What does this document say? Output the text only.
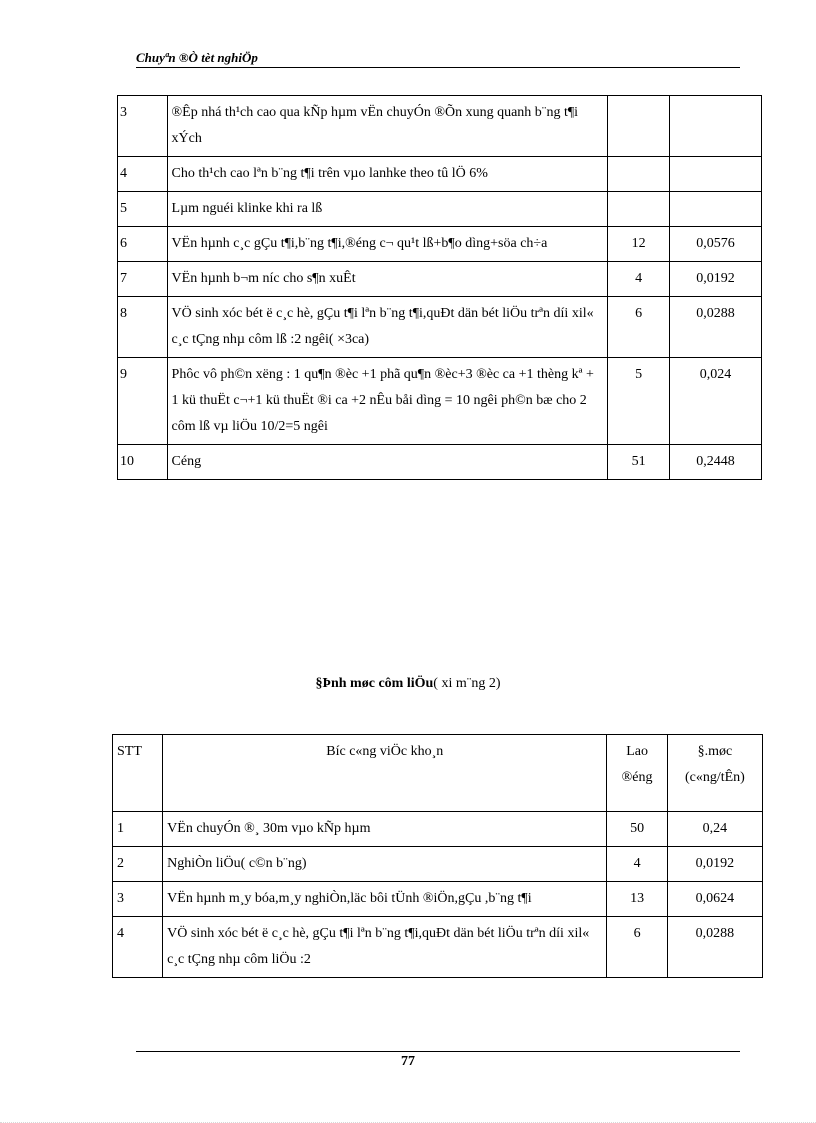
Chuyªn ®Ò tèt nghiÖp
3	®Êp nhá th¹ch cao qua kÑp hµm vËn chuyÓn ®Õn xung quanh b¨ng t¶i xÝch		
4	Cho th¹ch cao lªn b¨ng t¶i trên vµo lanhke theo tû lÖ 6%		
5	Lµm nguéi klinke khi ra lß		
6	VËn hµnh c¸c gÇu t¶i,b¨ng t¶i,®éng c¬ qu¹t lß+b¶o dìng+söa ch÷a	12	0,0576
7	VËn hµnh b¬m níc cho s¶n xuÊt	4	0,0192
8	VÖ sinh xóc bét ë c¸c hè, gÇu t¶i lªn b¨ng t¶i,quÐt dän bét liÖu trªn díi xil« c¸c tÇng nhµ côm lß :2 ngêi( ×3ca)	6	0,0288
9	Phôc vô ph©n xëng : 1 qu¶n ®èc +1 phã qu¶n ®èc+3 ®èc ca +1 thèng kª + 1 kü thuËt c¬+1 kü thuËt ®i ca +2 nÊu båi dìng = 10 ngêi ph©n bæ cho 2 côm lß vµ liÖu 10/2=5 ngêi	5	0,024
10	Céng	51	0,2448
§Þnh møc côm liÖu( xi m¨ng 2)
STT	Bíc c«ng viÖc kho¸n	Lao ®éng	§.møc
(c«ng/tÊn)

1	VËn chuyÓn ®¸ 30m vµo kÑp hµm	50	0,24
2	NghiÒn liÖu( c©n b¨ng)	4	0,0192
3	VËn hµnh m¸y bóa,m¸y nghiÒn,läc bôi tÜnh ®iÖn,gÇu ,b¨ng t¶i	13	0,0624
4	VÖ sinh xóc bét ë c¸c hè, gÇu t¶i lªn b¨ng t¶i,quÐt dän bét liÖu trªn díi xil« c¸c tÇng nhµ côm liÖu :2	6	0,0288
77
